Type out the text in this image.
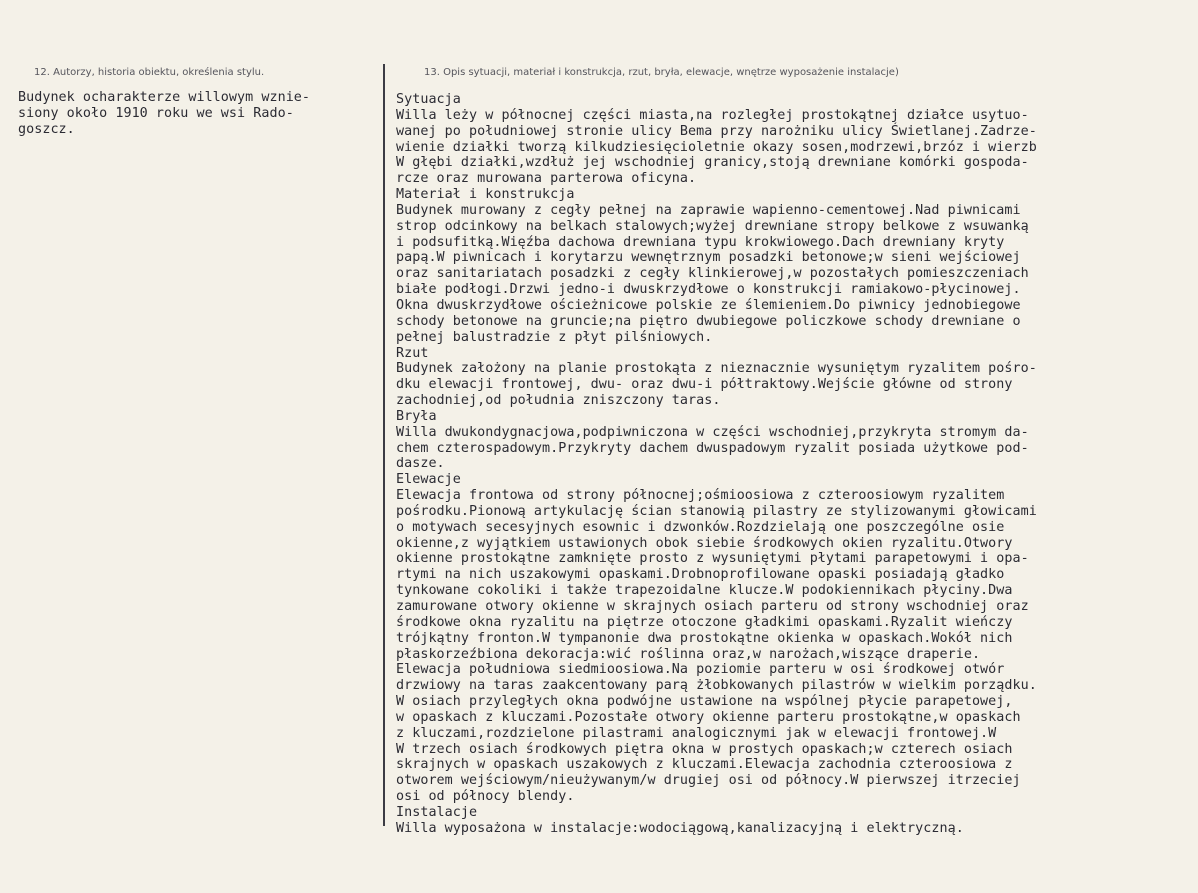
12. Autorzy, historia obiektu, określenia stylu.	13. Opis sytuacji, materiał i konstrukcja, rzut, bryła, elewacje, wnętrze wyposażenie instalacje)
Budynek ocharakterze willowym wznie-
siony około 1910 roku we wsi Rado-
goszcz.
Sytuacja
Willa leży w północnej części miasta,na rozległej prostokątnej działce usytuo-
wanej po południowej stronie ulicy Bema przy narożniku ulicy Świetlanej.Zadrze-
wienie działki tworzą kilkudziesięcioletnie okazy sosen,modrzewi,brzóz i wierzb
W głębi działki,wzdłuż jej wschodniej granicy,stoją drewniane komórki gospoda-
rcze oraz murowana parterowa oficyna.
Materiał i konstrukcja
Budynek murowany z cegły pełnej na zaprawie wapienno-cementowej.Nad piwnicami
strop odcinkowy na belkach stalowych;wyżej drewniane stropy belkowe z wsuwanką
i podsufitką.Więźba dachowa drewniana typu krokwiowego.Dach drewniany kryty
papą.W piwnicach i korytarzu wewnętrznym posadzki betonowe;w sieni wejściowej
oraz sanitariatach posadzki z cegły klinkierowej,w pozostałych pomieszczeniach
białe podłogi.Drzwi jedno-i dwuskrzydłowe o konstrukcji ramiakowo-płycinowej.
Okna dwuskrzydłowe ościeżnicowe polskie ze ślemieniem.Do piwnicy jednobiegowe
schody betonowe na gruncie;na piętro dwubiegowe policzkowe schody drewniane o
pełnej balustradzie z płyt pilśniowych.
Rzut
Budynek założony na planie prostokąta z nieznacznie wysuniętym ryzalitem pośro-
dku elewacji frontowej, dwu- oraz dwu-i półtraktowy.Wejście główne od strony
zachodniej,od południa zniszczony taras.
Bryła
Willa dwukondygnacjowa,podpiwniczona w części wschodniej,przykryta stromym da-
chem czterospadowym.Przykryty dachem dwuspadowym ryzalit posiada użytkowe pod-
dasze.
Elewacje
Elewacja frontowa od strony północnej;ośmioosiowa z czteroosiowym ryzalitem
pośrodku.Pionową artykulację ścian stanowią pilastry ze stylizowanymi głowicami
o motywach secesyjnych esownic i dzwonków.Rozdzielają one poszczególne osie
okienne,z wyjątkiem ustawionych obok siebie środkowych okien ryzalitu.Otwory
okienne prostokątne zamknięte prosto z wysuniętymi płytami parapetowymi i opa-
rtymi na nich uszakowymi opaskami.Drobnoprofilowane opaski posiadają gładko
tynkowane cokoliki i także trapezoidalne klucze.W podokiennikach płyciny.Dwa
zamurowane otwory okienne w skrajnych osiach parteru od strony wschodniej oraz
środkowe okna ryzalitu na piętrze otoczone gładkimi opaskami.Ryzalit wieńczy
trójkątny fronton.W tympanonie dwa prostokątne okienka w opaskach.Wokół nich
płaskorzeźbiona dekoracja:wić roślinna oraz,w narożach,wiszące draperie.
Elewacja południowa siedmioosiowa.Na poziomie parteru w osi środkowej otwór
drzwiowy na taras zaakcentowany parą żłobkowanych pilastrów w wielkim porządku.
W osiach przyległych okna podwójne ustawione na wspólnej płycie parapetowej,
w opaskach z kluczami.Pozostałe otwory okienne parteru prostokątne,w opaskach
z kluczami,rozdzielone pilastrami analogicznymi jak w elewacji frontowej.W
W trzech osiach środkowych piętra okna w prostych opaskach;w czterech osiach
skrajnych w opaskach uszakowych z kluczami.Elewacja zachodnia czteroosiowa z
otworem wejściowym/nieużywanym/w drugiej osi od północy.W pierwszej itrzeciej
osi od północy blendy.
Instalacje
Willa wyposażona w instalacje:wodociągową,kanalizacyjną i elektryczną.
